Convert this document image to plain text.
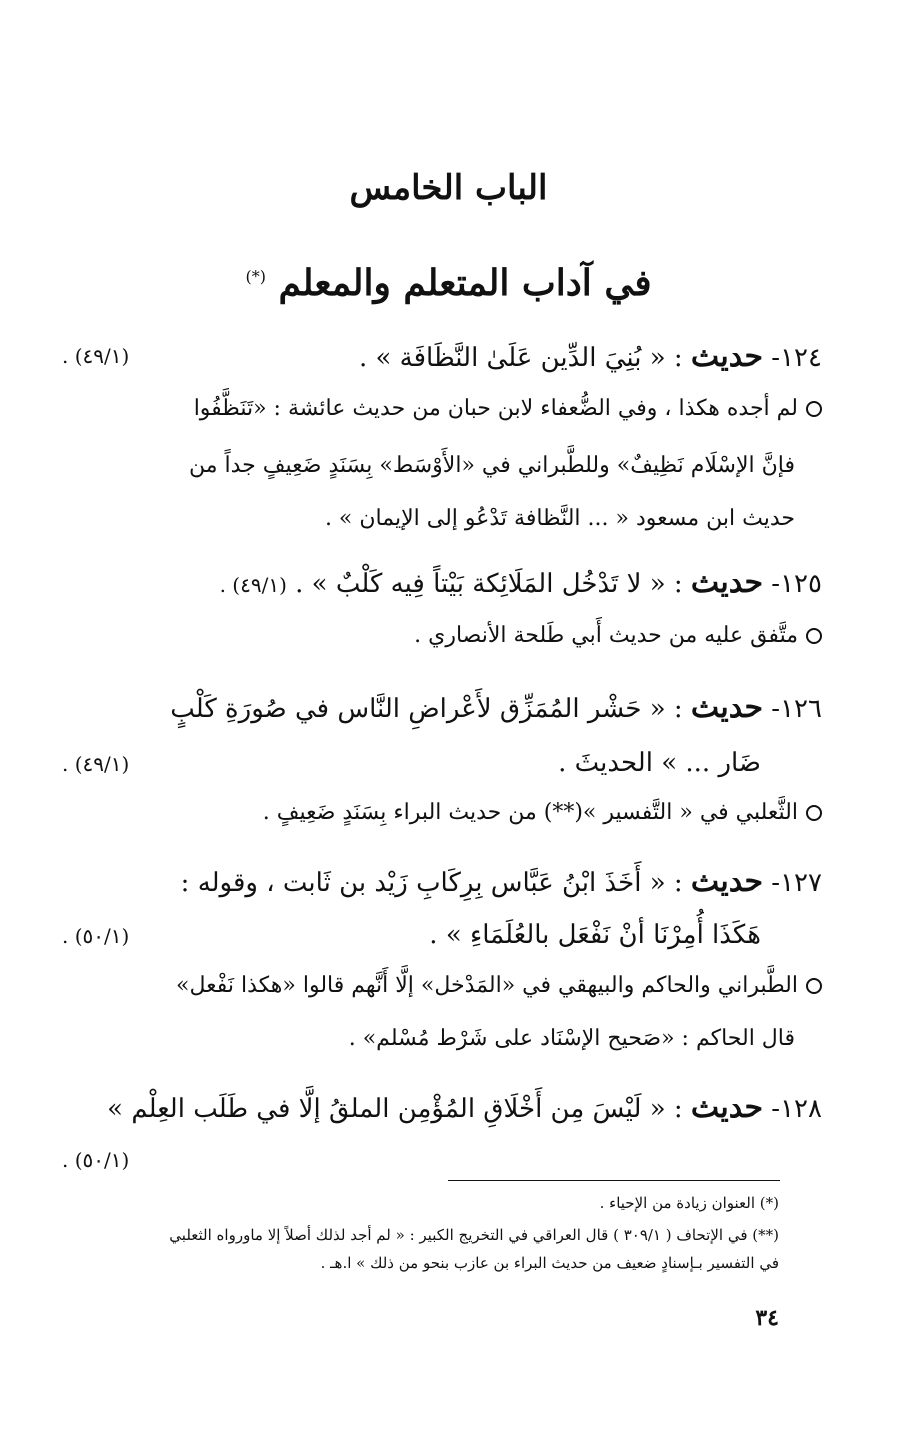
الباب الخامس
في آداب المتعلم والمعلم (*)
١٢٤- حديث : « بُنِيَ الدِّين عَلَىٰ النَّظَافَة » .
. (٤٩/١)
لم أجده هكذا ، وفي الضُّعفاء لابن حبان من حديث عائشة : «تَنَظَّفُوا
فإنَّ الإسْلَام نَظِيفٌ» وللطَّبراني في «الأَوْسَط» بِسَنَدٍ ضَعِيفٍ جداً من
حديث ابن مسعود « ... النَّظافة تَدْعُو إلى الإيمان » .
١٢٥- حديث : « لا تَدْخُل المَلَائِكة بَيْتاً فِيه كَلْبٌ » . (٤٩/١) .
متَّفق عليه من حديث أَبي طَلحة الأنصاري .
١٢٦- حديث : « حَشْر المُمَزِّق لأَعْراضِ النَّاس في صُورَةِ كَلْبٍ
ضَار ... » الحديثَ .
. (٤٩/١)
الثَّعلبي في « التَّفسير »(**) من حديث البراء بِسَنَدٍ ضَعِيفٍ .
١٢٧- حديث : « أَخَذَ ابْنُ عَبَّاس بِرِكَابِ زَيْد بن ثَابت ، وقوله :
هَكَذَا أُمِرْنَا أنْ نَفْعَل بالعُلَمَاءِ » .
. (٥٠/١)
الطَّبراني والحاكم والبيهقي في «المَدْخل» إلَّا أَنَّهم قالوا «هكذا نَفْعل»
قال الحاكم : «صَحيح الإسْنَاد على شَرْط مُسْلم» .
١٢٨- حديث : « لَيْسَ مِن أَخْلَاقِ المُؤْمِن الملقُ إلَّا في طَلَب العِلْم »
. (٥٠/١)
(*) العنوان زيادة من الإحياء .
(**) في الإتحاف ( ٣٠٩/١ ) قال العراقي في التخريج الكبير : « لم أجد لذلك أصلاً إلا ماورواه الثعلبي
في التفسير بـإسنادٍ ضعيف من حديث البراء بن عازب بنحو من ذلك » ا.هـ .
٣٤
